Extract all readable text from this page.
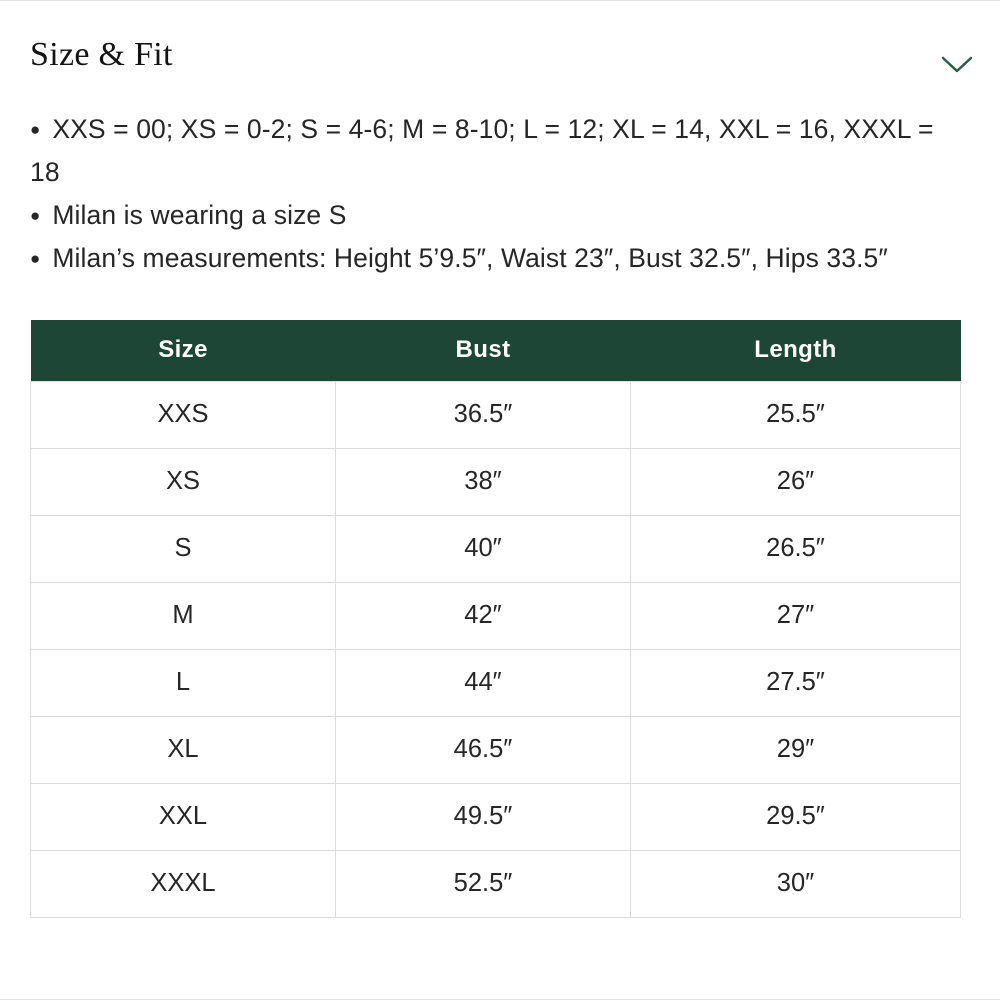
Size & Fit
● XXS = 00; XS = 0-2; S = 4-6; M = 8-10; L = 12; XL = 14, XXL = 16, XXXL = 18
● Milan is wearing a size S
● Milan’s measurements: Height 5’9.5″, Waist 23″, Bust 32.5″, Hips 33.5″
Size	Bust	Length
XXS	36.5″	25.5″
XS	38″	26″
S	40″	26.5″
M	42″	27″
L	44″	27.5″
XL	46.5″	29″
XXL	49.5″	29.5″
XXXL	52.5″	30″
